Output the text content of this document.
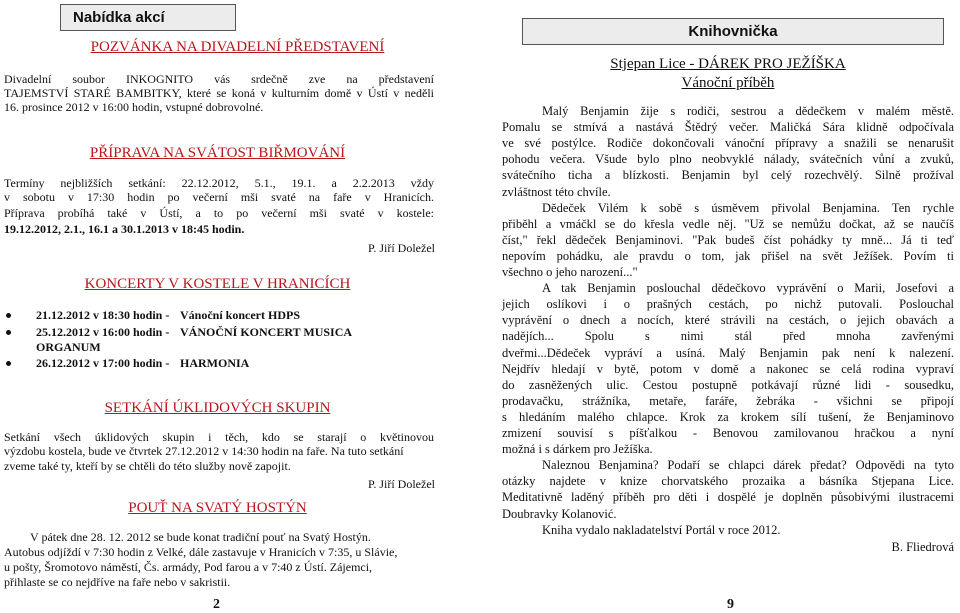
Nabídka akcí
POZVÁNKA NA DIVADELNÍ PŘEDSTAVENÍ

Divadelní soubor INKOGNITO vás srdečně zve na představení

TAJEMSTVÍ STARÉ BAMBITKY, které se koná v kulturním domě v Ústí v neděli

16. prosince 2012 v 16:00 hodin, vstupné dobrovolné.

PŘÍPRAVA NA SVÁTOST BIŘMOVÁNÍ

Termíny nejbližších setkání: 22.12.2012, 5.1., 19.1. a 2.2.2013 vždy

v sobotu v 17:30 hodin po večerní mši svaté na faře v Hranicích.

Příprava probíhá také v Ústí, a to po večerní mši svaté v kostele:

19.12.2012, 2.1., 16.1 a 30.1.2013 v 18:45 hodin.

P. Jiří Doležel

KONCERTY V KOSTELE V HRANICÍCH

21.12.2012 v 18:30 hodin - Vánoční koncert HDPS

25.12.2012 v 16:00 hodin - VÁNOČNÍ KONCERT MUSICA

ORGANUM

26.12.2012 v 17:00 hodin - HARMONIA

SETKÁNÍ ÚKLIDOVÝCH SKUPIN

Setkání všech úklidových skupin i těch, kdo se starají o květinovou

výzdobu kostela, bude ve čtvrtek 27.12.2012 v 14:30 hodin na faře. Na tuto setkání

zveme také ty, kteří by se chtěli do této služby nově zapojit.

P. Jiří Doležel

POUŤ NA SVATÝ HOSTÝN

V pátek dne 28. 12. 2012 se bude konat tradiční pouť na Svatý Hostýn.

Autobus odjíždí v 7:30 hodin z Velké, dále zastavuje v Hranicích v 7:35, u Slávie,

u pošty, Šromotovo náměstí, Čs. armády, Pod farou a v 7:40 z Ústí. Zájemci,

přihlaste se co nejdříve na faře nebo v sakristii.

2
Knihovnička
Stjepan Lice - DÁREK PRO JEŽÍŠKA
Vánoční příběh

Malý Benjamin žije s rodiči, sestrou a dědečkem v malém městě.

Pomalu se stmívá a nastává Štědrý večer. Maličká Sára klidně odpočívala

ve své postýlce. Rodiče dokončovali vánoční přípravy a snažili se nenarušit

pohodu večera. Všude bylo plno neobvyklé nálady, svátečních vůní a zvuků,

svátečního ticha a blízkosti. Benjamin byl celý rozechvělý. Silně prožíval

zvláštnost této chvíle.

Dědeček Vilém k sobě s úsměvem přivolal Benjamina. Ten rychle

přiběhl a vmáčkl se do křesla vedle něj. "Už se nemůžu dočkat, až se naučíš

číst," řekl dědeček Benjaminovi. "Pak budeš číst pohádky ty mně... Já ti teď

nepovím pohádku, ale pravdu o tom, jak přišel na svět Ježíšek. Povím ti

všechno o jeho narození..."

A tak Benjamin poslouchal dědečkovo vyprávění o Marii, Josefovi a

jejich oslíkovi i o prašných cestách, po nichž putovali. Poslouchal

vyprávění o dnech a nocích, které strávili na cestách, o jejich obavách a

nadějích... Spolu s nimi stál před mnoha zavřenými

dveřmi...Dědeček vypráví a usíná. Malý Benjamin pak není k nalezení.

Nejdřív hledají v bytě, potom v domě a nakonec se celá rodina vypraví

do zasněžených ulic. Cestou postupně potkávají různé lidi - sousedku,

prodavačku, strážníka, metaře, faráře, žebráka - všichni se připojí

s hledáním malého chlapce. Krok za krokem sílí tušení, že Benjaminovo

zmizení souvisí s píšťalkou - Benovou zamilovanou hračkou a nyní

možná i s dárkem pro Ježíška.

Naleznou Benjamina? Podaří se chlapci dárek předat? Odpovědi na tyto

otázky najdete v knize chorvatského prozaika a básníka Stjepana Lice.

Meditativně laděný příběh pro děti i dospělé je doplněn působivými ilustracemi

Doubravky Kolanović.

Kniha vydalo nakladatelství Portál v roce 2012.

B. Fliedrová

9
